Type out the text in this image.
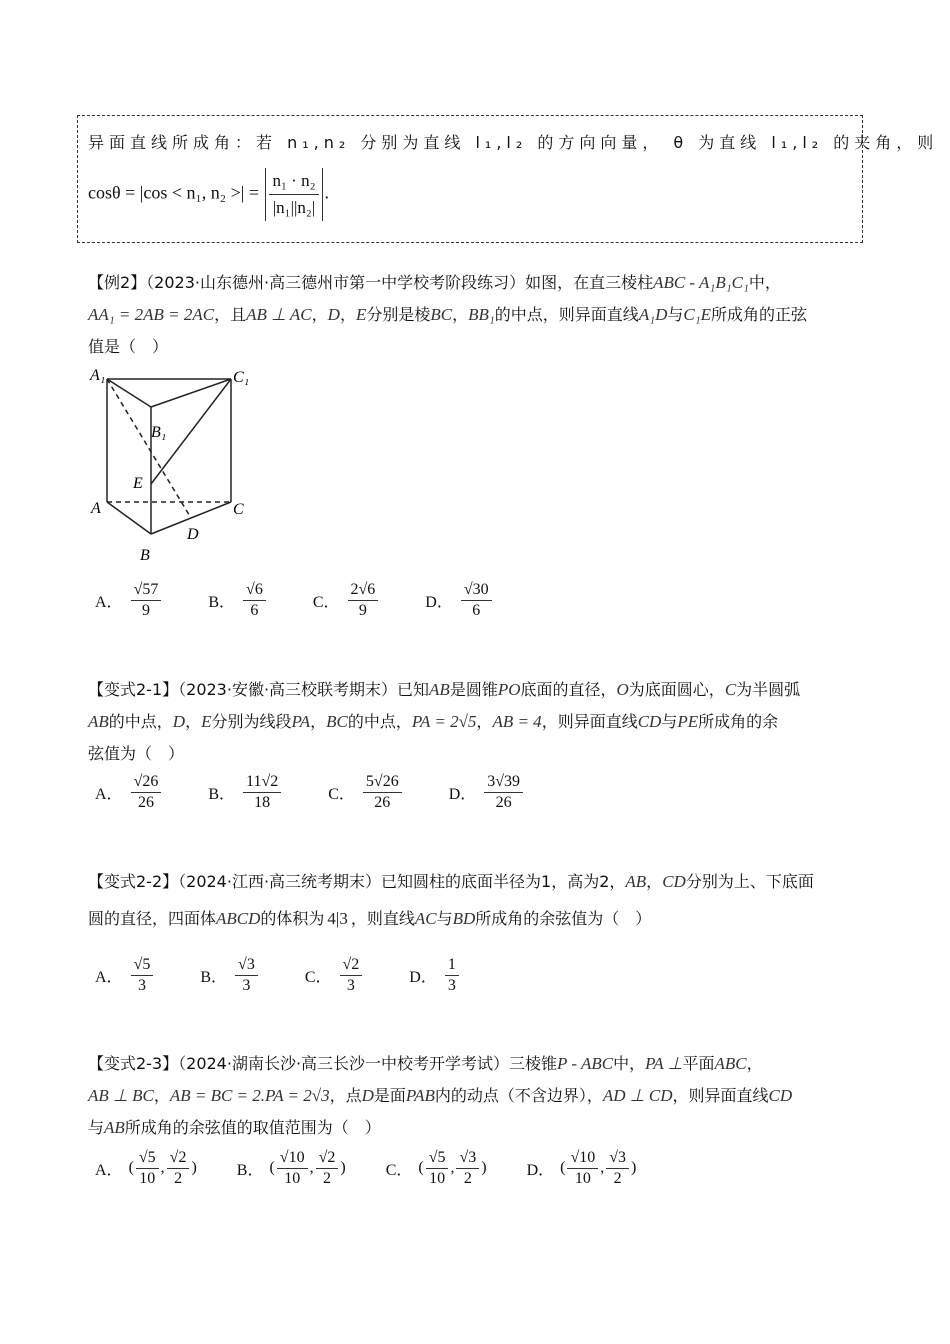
异面直线所成角：若 n₁,n₂ 分别为直线 l₁,l₂ 的方向向量， θ 为直线 l₁,l₂ 的夹角，则
cosθ = |cos < n₁, n₂ >| = $\frac{\text{n₁ · n₂}}{\text{|n₁||n₂|}}$ .
【例2】（2023·山东德州·高三德州市第一中学校考阶段练习）如图，在直三棱柱ABC - A₁B₁C₁中，
AA₁ = 2AB = 2AC，且AB ⊥ AC，D，E分别是棱BC，BB₁的中点，则异面直线A₁D与C₁E所成角的正弦
值是（　）
A₁	C₁
B₁
E
A	C
D
B
A． $\frac{√57}{9}$	B． $\frac{√6}{6}$	C． $\frac{2√6}{9}$	D． $\frac{√30}{6}$
【变式2-1】（2023·安徽·高三校联考期末）已知AB是圆锥PO底面的直径，O为底面圆心，C为半圆弧
AB的中点，D，E分别为线段PA，BC的中点，PA = 2√5，AB = 4，则异面直线CD与PE所成角的余
弦值为（　）
A． $\frac{√26}{26}$	B． $\frac{11√2}{18}$	C． $\frac{5√26}{26}$	D． $\frac{3√39}{26}$
【变式2-2】（2024·江西·高三统考期末）已知圆柱的底面半径为1，高为2，AB，CD分别为上、下底面
圆的直径，四面体ABCD的体积为 4|3 ，则直线AC与BD所成角的余弦值为（　）
A． $\frac{√5}{3}$	B． $\frac{√3}{3}$	C． $\frac{√2}{3}$	D． $\frac{1}{3}$
【变式2-3】（2024·湖南长沙·高三长沙一中校考开学考试）三棱锥P - ABC中，PA ⊥平面ABC，
AB ⊥ BC，AB = BC = 2.PA = 2√3，点D是面PAB内的动点（不含边界），AD ⊥ CD，则异面直线CD
与AB所成角的余弦值的取值范围为（　）
A． ( $\frac{√5}{10}$ , $\frac{√2}{2}$ )	B． ( $\frac{√10}{10}$ , $\frac{√2}{2}$ )	C． ( $\frac{√5}{10}$ , $\frac{√3}{2}$ )	D． ( $\frac{√10}{10}$ , $\frac{√3}{2}$ )
